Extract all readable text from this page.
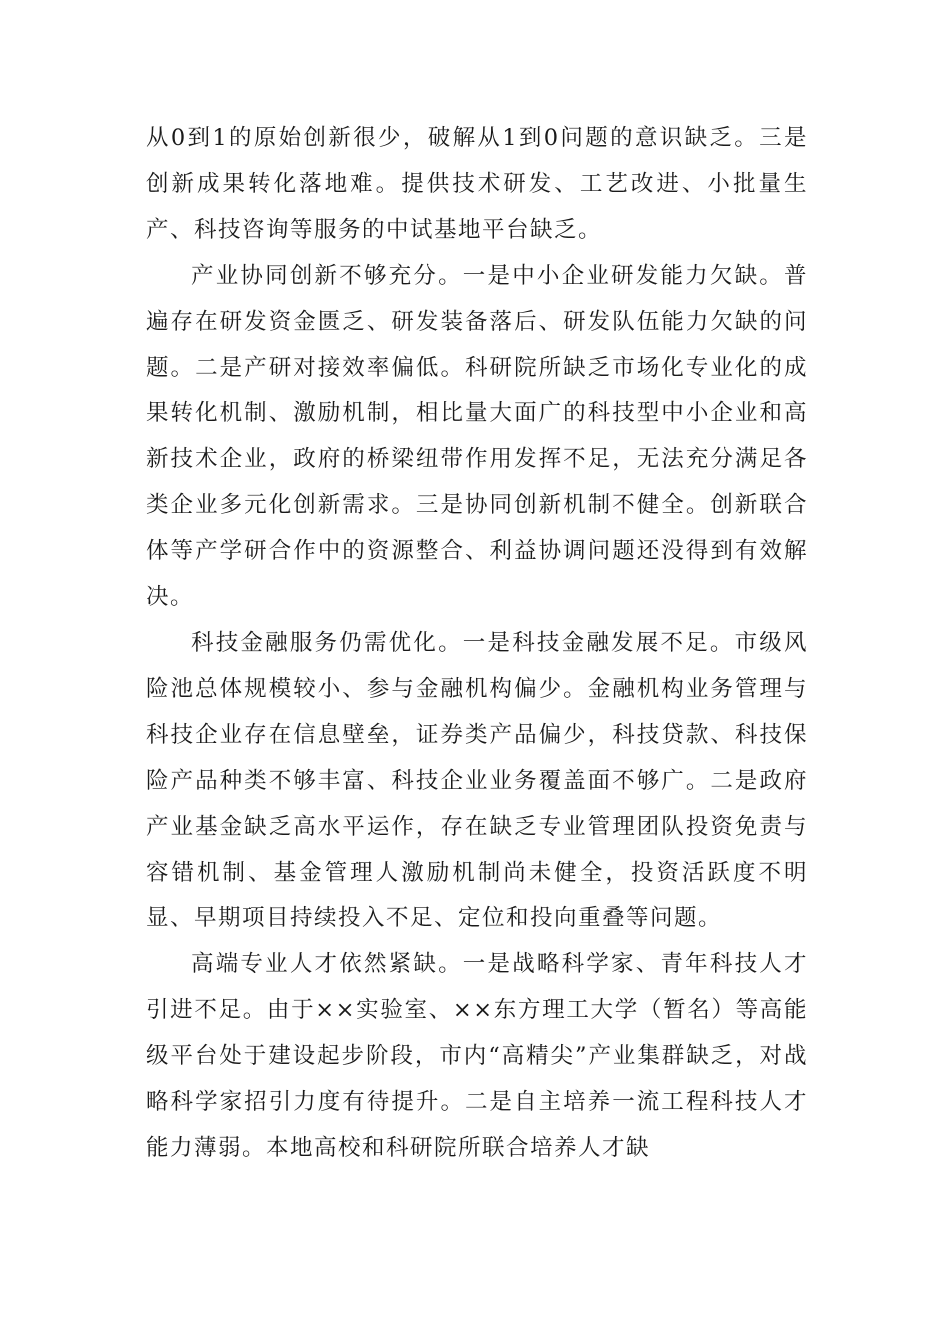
从0到1的原始创新很少，破解从1到0问题的意识缺乏。三是创新成果转化落地难。提供技术研发、工艺改进、小批量生产、科技咨询等服务的中试基地平台缺乏。

产业协同创新不够充分。一是中小企业研发能力欠缺。普遍存在研发资金匮乏、研发装备落后、研发队伍能力欠缺的问题。二是产研对接效率偏低。科研院所缺乏市场化专业化的成果转化机制、激励机制，相比量大面广的科技型中小企业和高新技术企业，政府的桥梁纽带作用发挥不足，无法充分满足各类企业多元化创新需求。三是协同创新机制不健全。创新联合体等产学研合作中的资源整合、利益协调问题还没得到有效解决。

科技金融服务仍需优化。一是科技金融发展不足。市级风险池总体规模较小、参与金融机构偏少。金融机构业务管理与科技企业存在信息壁垒，证券类产品偏少，科技贷款、科技保险产品种类不够丰富、科技企业业务覆盖面不够广。二是政府产业基金缺乏高水平运作，存在缺乏专业管理团队投资免责与容错机制、基金管理人激励机制尚未健全，投资活跃度不明显、早期项目持续投入不足、定位和投向重叠等问题。

高端专业人才依然紧缺。一是战略科学家、青年科技人才引进不足。由于××实验室、××东方理工大学（暂名）等高能级平台处于建设起步阶段，市内“高精尖”产业集群缺乏，对战略科学家招引力度有待提升。二是自主培养一流工程科技人才能力薄弱。本地高校和科研院所联合培养人才缺
